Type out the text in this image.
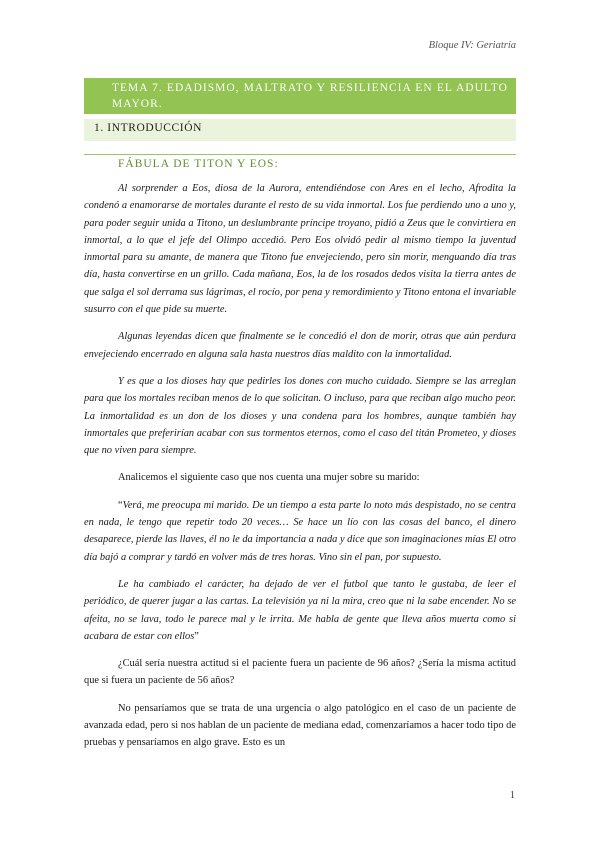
Bloque IV: Geriatría
TEMA 7. EDADISMO, MALTRATO Y RESILIENCIA EN EL ADULTO MAYOR.
1. INTRODUCCIÓN
FÁBULA DE TITON Y EOS:

Al sorprender a Eos, diosa de la Aurora, entendiéndose con Ares en el lecho, Afrodita la condenó a enamorarse de mortales durante el resto de su vida inmortal. Los fue perdiendo uno a uno y, para poder seguir unida a Titono, un deslumbrante príncipe troyano, pidió a Zeus que le convirtiera en inmortal, a lo que el jefe del Olimpo accedió. Pero Eos olvidó pedir al mismo tiempo la juventud inmortal para su amante, de manera que Titono fue envejeciendo, pero sin morir, menguando día tras día, hasta convertirse en un grillo. Cada mañana, Eos, la de los rosados dedos visita la tierra antes de que salga el sol derrama sus lágrimas, el rocío, por pena y remordimiento y Titono entona el invariable susurro con el que pide su muerte.

Algunas leyendas dicen que finalmente se le concedió el don de morir, otras que aún perdura envejeciendo encerrado en alguna sala hasta nuestros días maldito con la inmortalidad.

Y es que a los dioses hay que pedirles los dones con mucho cuidado. Siempre se las arreglan para que los mortales reciban menos de lo que solicitan. O incluso, para que reciban algo mucho peor. La inmortalidad es un don de los dioses y una condena para los hombres, aunque también hay inmortales que preferirían acabar con sus tormentos eternos, como el caso del titán Prometeo, y dioses que no viven para siempre.

Analicemos el siguiente caso que nos cuenta una mujer sobre su marido:

“Verá, me preocupa mi marido. De un tiempo a esta parte lo noto más despistado, no se centra en nada, le tengo que repetir todo 20 veces… Se hace un lío con las cosas del banco, el dinero desaparece, pierde las llaves, él no le da importancia a nada y dice que son imaginaciones mías El otro día bajó a comprar y tardó en volver más de tres horas. Vino sin el pan, por supuesto.

Le ha cambiado el carácter, ha dejado de ver el futbol que tanto le gustaba, de leer el periódico, de querer jugar a las cartas. La televisión ya ni la mira, creo que ni la sabe encender. No se afeita, no se lava, todo le parece mal y le irrita. Me habla de gente que lleva años muerta como si acabara de estar con ellos”

¿Cuál sería nuestra actitud si el paciente fuera un paciente de 96 años? ¿Sería la misma actitud que si fuera un paciente de 56 años?

No pensaríamos que se trata de una urgencia o algo patológico en el caso de un paciente de avanzada edad, pero si nos hablan de un paciente de mediana edad, comenzaríamos a hacer todo tipo de pruebas y pensaríamos en algo grave. Esto es un

1
